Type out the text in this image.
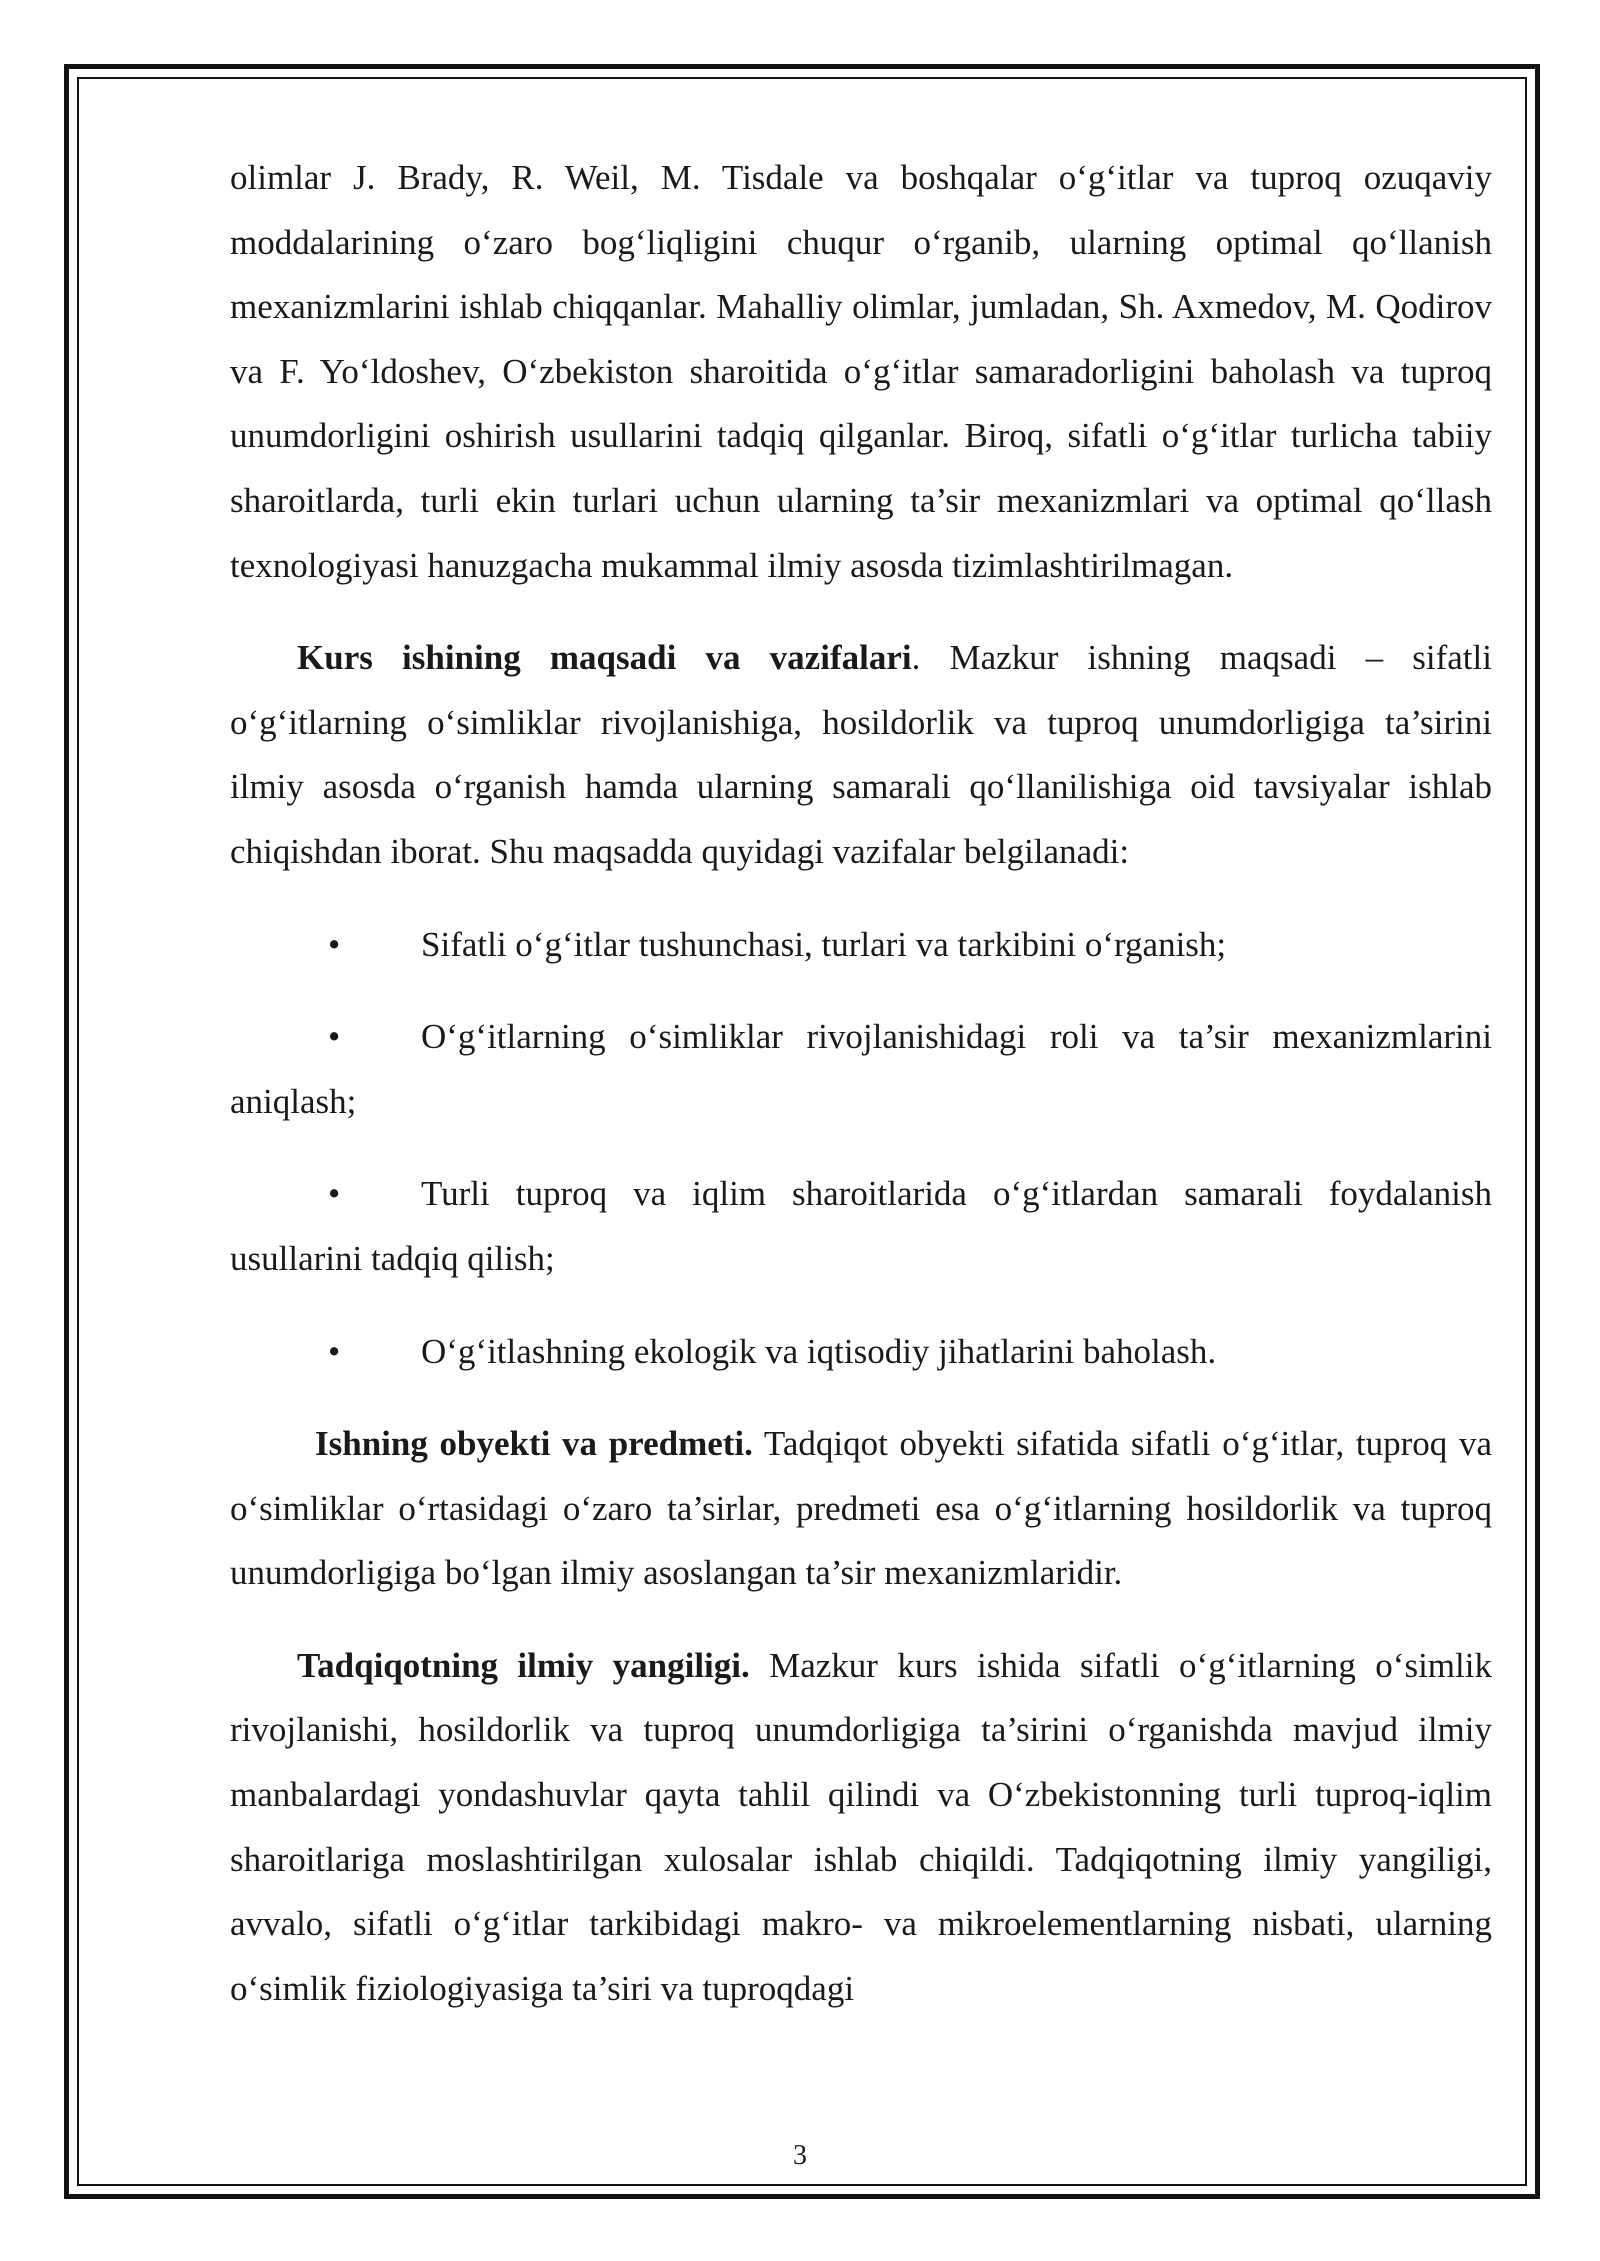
olimlar J. Brady, R. Weil, M. Tisdale va boshqalar o‘g‘itlar va tuproq ozuqaviy moddalarining o‘zaro bog‘liqligini chuqur o‘rganib, ularning optimal qo‘llanish mexanizmlarini ishlab chiqqanlar. Mahalliy olimlar, jumladan, Sh. Axmedov, M. Qodirov va F. Yo‘ldoshev, O‘zbekiston sharoitida o‘g‘itlar samaradorligini baholash va tuproq unumdorligini oshirish usullarini tadqiq qilganlar. Biroq, sifatli o‘g‘itlar turlicha tabiiy sharoitlarda, turli ekin turlari uchun ularning ta’sir mexanizmlari va optimal qo‘llash texnologiyasi hanuzgacha mukammal ilmiy asosda tizimlashtirilmagan.

Kurs ishining maqsadi va vazifalari. Mazkur ishning maqsadi – sifatli o‘g‘itlarning o‘simliklar rivojlanishiga, hosildorlik va tuproq unumdorligiga ta’sirini ilmiy asosda o‘rganish hamda ularning samarali qo‘llanilishiga oid tavsiyalar ishlab chiqishdan iborat. Shu maqsadda quyidagi vazifalar belgilanadi:

• Sifatli o‘g‘itlar tushunchasi, turlari va tarkibini o‘rganish;

• O‘g‘itlarning o‘simliklar rivojlanishidagi roli va ta’sir mexanizmlarini aniqlash;

• Turli tuproq va iqlim sharoitlarida o‘g‘itlardan samarali foydalanish usullarini tadqiq qilish;

• O‘g‘itlashning ekologik va iqtisodiy jihatlarini baholash.

Ishning obyekti va predmeti. Tadqiqot obyekti sifatida sifatli o‘g‘itlar, tuproq va o‘simliklar o‘rtasidagi o‘zaro ta’sirlar, predmeti esa o‘g‘itlarning hosildorlik va tuproq unumdorligiga bo‘lgan ilmiy asoslangan ta’sir mexanizmlaridir.

Tadqiqotning ilmiy yangiligi. Mazkur kurs ishida sifatli o‘g‘itlarning o‘simlik rivojlanishi, hosildorlik va tuproq unumdorligiga ta’sirini o‘rganishda mavjud ilmiy manbalardagi yondashuvlar qayta tahlil qilindi va O‘zbekistonning turli tuproq-iqlim sharoitlariga moslashtirilgan xulosalar ishlab chiqildi. Tadqiqotning ilmiy yangiligi, avvalo, sifatli o‘g‘itlar tarkibidagi makro- va mikroelementlarning nisbati, ularning o‘simlik fiziologiyasiga ta’siri va tuproqdagi

3
